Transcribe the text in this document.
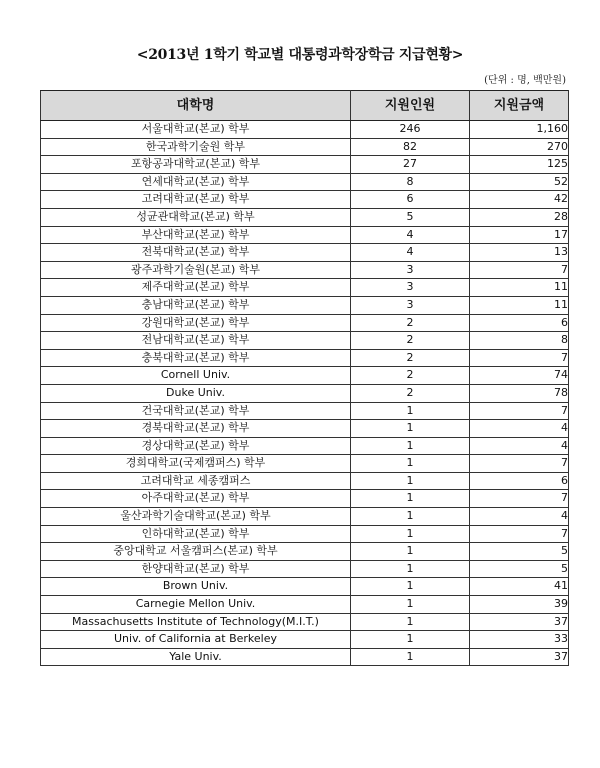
<2013년 1학기 학교별 대통령과학장학금 지급현황>
(단위 : 명, 백만원)
대학명	지원인원	지원금액
서울대학교(본교) 학부	246	1,160
한국과학기술원 학부	82	270
포항공과대학교(본교) 학부	27	125
연세대학교(본교) 학부	8	52
고려대학교(본교) 학부	6	42
성균관대학교(본교) 학부	5	28
부산대학교(본교) 학부	4	17
전북대학교(본교) 학부	4	13
광주과학기술원(본교) 학부	3	7
제주대학교(본교) 학부	3	11
충남대학교(본교) 학부	3	11
강원대학교(본교) 학부	2	6
전남대학교(본교) 학부	2	8
충북대학교(본교) 학부	2	7
Cornell Univ.	2	74
Duke Univ.	2	78
건국대학교(본교) 학부	1	7
경북대학교(본교) 학부	1	4
경상대학교(본교) 학부	1	4
경희대학교(국제캠퍼스) 학부	1	7
고려대학교 세종캠퍼스	1	6
아주대학교(본교) 학부	1	7
울산과학기술대학교(본교) 학부	1	4
인하대학교(본교) 학부	1	7
중앙대학교 서울캠퍼스(본교) 학부	1	5
한양대학교(본교) 학부	1	5
Brown Univ.	1	41
Carnegie Mellon Univ.	1	39
Massachusetts Institute of Technology(M.I.T.)	1	37
Univ. of California at Berkeley	1	33
Yale Univ.	1	37
